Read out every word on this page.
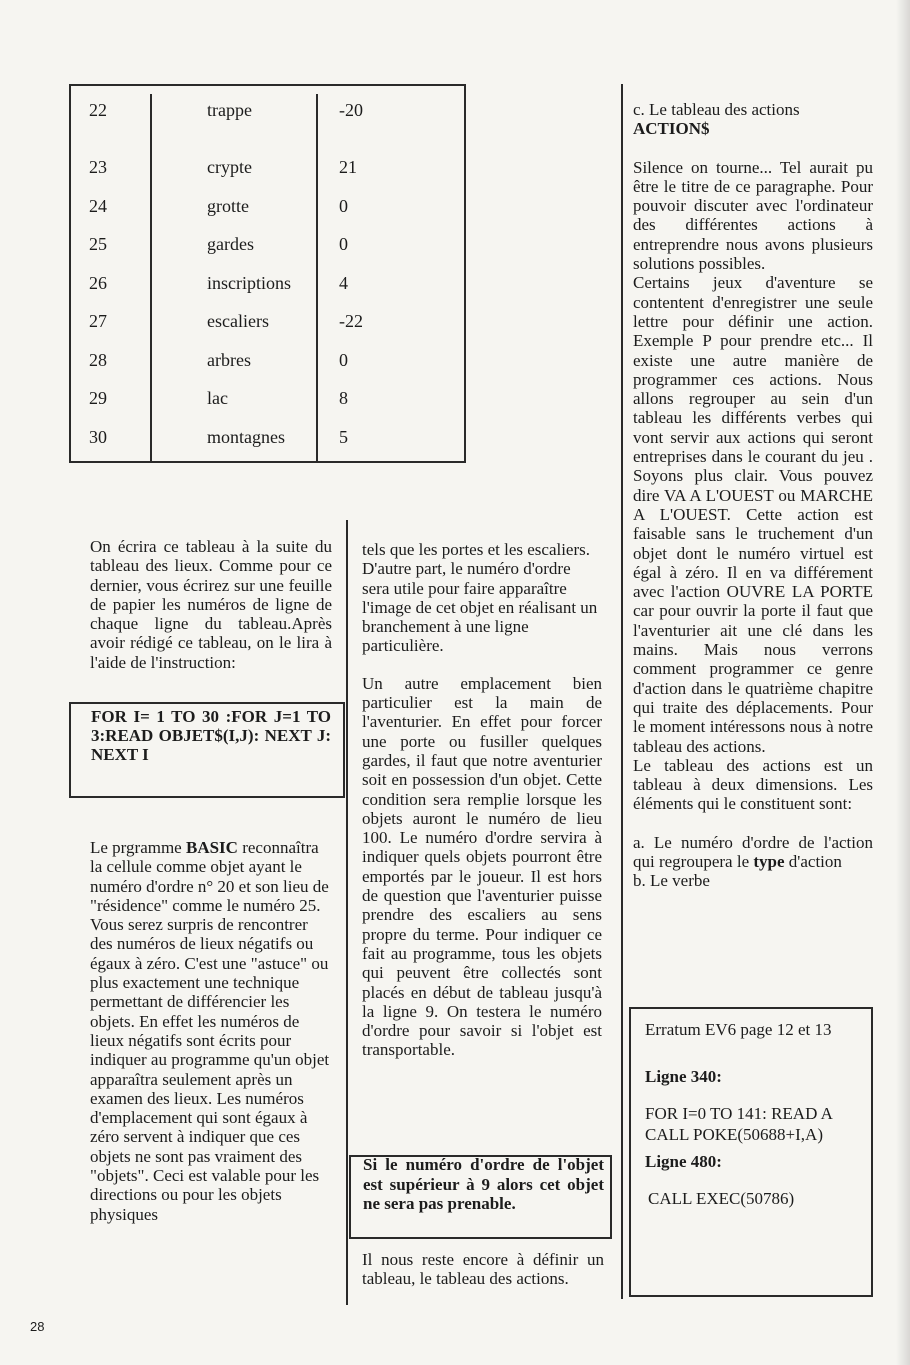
22	trappe	-20
23	crypte	21
24	grotte	0
25	gardes	0
26	inscriptions	4
27	escaliers	-22
28	arbres	0
29	lac	8
30	montagnes	5

On écrira ce tableau à la suite du tableau des lieux. Comme pour ce dernier, vous écrirez sur une feuille de papier les numéros de ligne de chaque ligne du tableau.Après avoir rédigé ce tableau, on le lira à l'aide de l'instruction:

FOR I= 1 TO 30 :FOR J=1 TO 3:READ OBJET$(I,J): NEXT J: NEXT I

Le prgramme BASIC reconnaîtra la cellule comme objet ayant le numéro d'ordre n° 20 et son lieu de "résidence" comme le numéro 25. Vous serez surpris de rencontrer des numéros de lieux négatifs ou égaux à zéro. C'est une "astuce" ou plus exactement une technique permettant de différencier les objets. En effet les numéros de lieux négatifs sont écrits pour indiquer au programme qu'un objet apparaîtra seulement après un examen des lieux. Les numéros d'emplacement qui sont égaux à zéro servent à indiquer que ces objets ne sont pas vraiment des "objets". Ceci est valable pour les directions ou pour les objets physiques

tels que les portes et les escaliers. D'autre part, le numéro d'ordre sera utile pour faire apparaître l'image de cet objet en réalisant un branchement à une ligne particulière.

Un autre emplacement bien particulier est la main de l'aventurier. En effet pour forcer une porte ou fusiller quelques gardes, il faut que notre aventurier soit en possession d'un objet. Cette condition sera remplie lorsque les objets auront le numéro de lieu 100. Le numéro d'ordre servira à indiquer quels objets pourront être emportés par le joueur. Il est hors de question que l'aventurier puisse prendre des escaliers au sens propre du terme. Pour indiquer ce fait au programme, tous les objets qui peuvent être collectés sont placés en début de tableau jusqu'à la ligne 9. On testera le numéro d'ordre pour savoir si l'objet est transportable.

Si le numéro d'ordre de l'objet est supérieur à 9 alors cet objet ne sera pas prenable.

Il nous reste encore à définir un tableau, le tableau des actions.

c. Le tableau des actions
ACTION$

Silence on tourne... Tel aurait pu être le titre de ce paragraphe. Pour pouvoir discuter avec l'ordinateur des différentes actions à entreprendre nous avons plusieurs solutions possibles.

Certains jeux d'aventure se contentent d'enregistrer une seule lettre pour définir une action. Exemple P pour prendre etc... Il existe une autre manière de programmer ces actions. Nous allons regrouper au sein d'un tableau les différents verbes qui vont servir aux actions qui seront entreprises dans le courant du jeu . Soyons plus clair. Vous pouvez dire VA A L'OUEST ou MARCHE A L'OUEST. Cette action est faisable sans le truchement d'un objet dont le numéro virtuel est égal à zéro. Il en va différement avec l'action OUVRE LA PORTE car pour ouvrir la porte il faut que l'aventurier ait une clé dans les mains. Mais nous verrons comment programmer ce genre d'action dans le quatrième chapitre qui traite des déplacements. Pour le moment intéressons nous à notre tableau des actions.

Le tableau des actions est un tableau à deux dimensions. Les éléments qui le constituent sont:

a. Le numéro d'ordre de l'action qui regroupera le type d'action

b. Le verbe

Erratum EV6 page 12 et 13

Ligne 340:

FOR I=0 TO 141: READ A CALL POKE(50688+I,A)

Ligne 480:

CALL EXEC(50786)

28
